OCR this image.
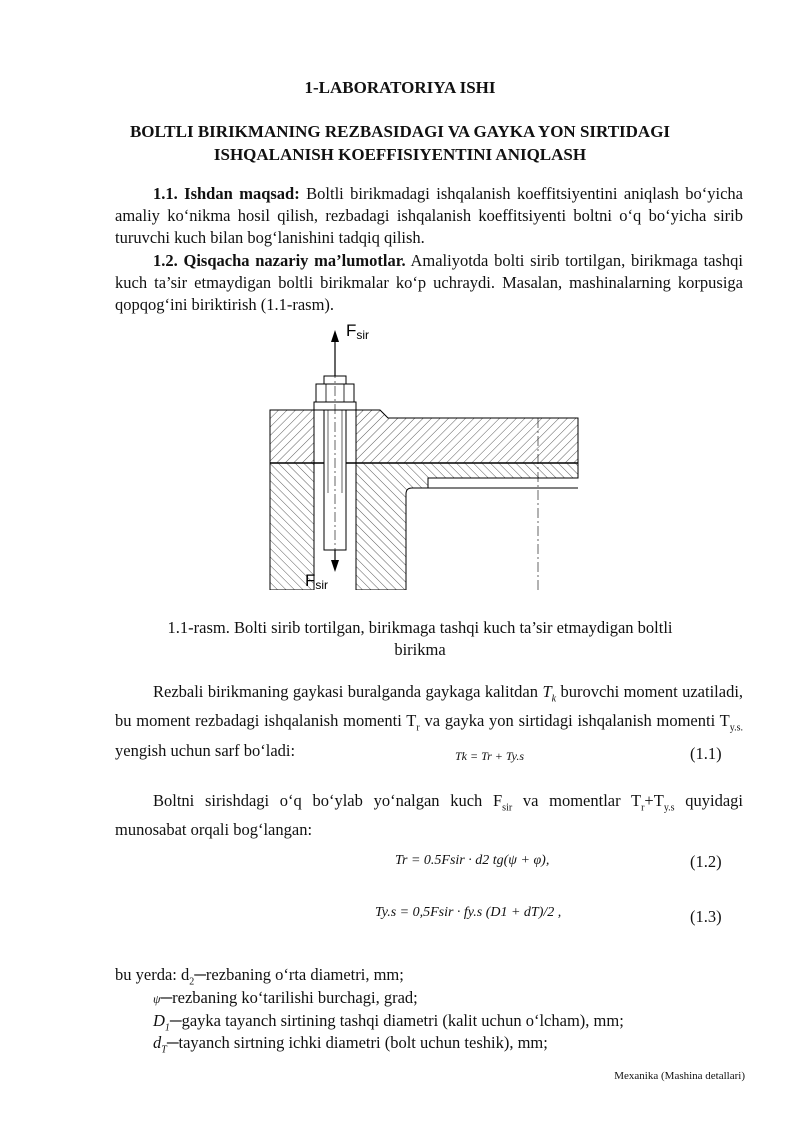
1-LABORATORIYA ISHI
BOLTLI BIRIKMANING REZBASIDAGI VA GAYKA YON SIRTIDAGI
ISHQALANISH KOEFFISIYENTINI ANIQLASH
1.1. Ishdan maqsad: Boltli birikmadagi ishqalanish koeffitsiyentini aniqlash bo‘yicha amaliy ko‘nikma hosil qilish, rezbadagi ishqalanish koeffitsiyenti boltni o‘q bo‘yicha sirib turuvchi kuch bilan bog‘lanishini tadqiq qilish.
1.2. Qisqacha nazariy ma’lumotlar. Amaliyotda bolti sirib tortilgan, birikmaga tashqi kuch ta’sir etmaydigan boltli birikmalar ko‘p uchraydi. Masalan, mashinalarning korpusiga qopqog‘ini biriktirish (1.1-rasm).
Fsir
Fsir
1.1-rasm. Bolti sirib tortilgan, birikmaga tashqi kuch ta’sir etmaydigan boltli
birikma
Rezbali birikmaning gaykasi buralganda gaykaga kalitdan $T_k$ burovchi moment uzatiladi, bu moment rezbadagi ishqalanish momenti $T_r$ va gayka yon sirtidagi ishqalanish momenti $T_{y.s.}$ yengish uchun sarf bo‘ladi:	Tk = Tr + Ty.s	(1.1)
Boltni sirishdagi o‘q bo‘ylab yo‘nalgan kuch $F_{sir}$ va momentlar $T_r+T_{y.s}$ quyidagi munosabat orqali bog‘langan:
Tr = 0.5Fsir · d2 tg(ψ + φ),	(1.2)
Ty.s = 0,5Fsir · fy.s (D1 + dT)/2 ,	(1.3)
bu yerda: $d_2─rezbaning$ o‘rta diametri, mm;
ψ─rezbaning ko‘tarilishi burchagi, grad;
$D_1─gayka$ tayanch sirtining tashqi diametri (kalit uchun o‘lcham), mm;
$d_T─tayanch$ sirtning ichki diametri (bolt uchun teshik), mm;
Mexanika (Mashina detallari)
